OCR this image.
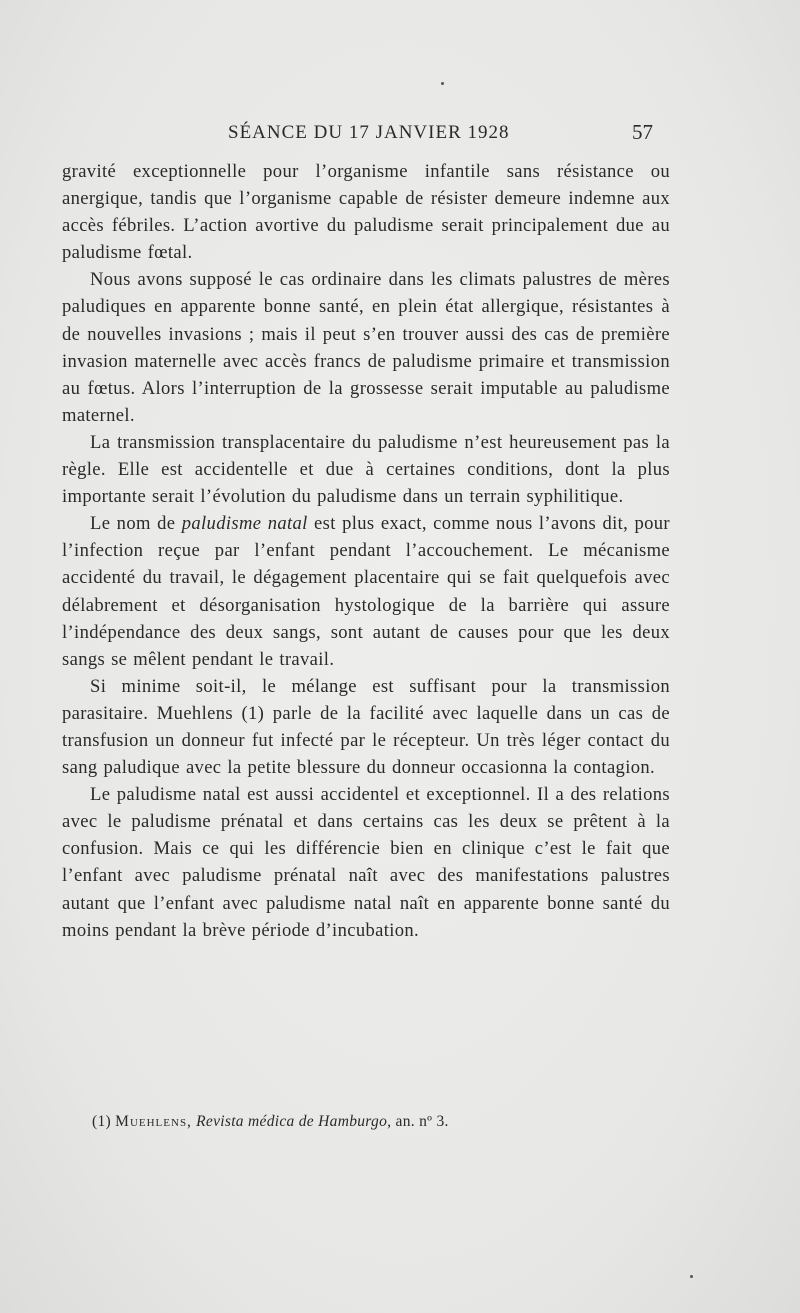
SÉANCE DU 17 JANVIER 1928	57

gravité exceptionnelle pour l’organisme infantile sans résistance ou anergique, tandis que l’organisme capable de résister demeure indemne aux accès fébriles. L’action avortive du paludisme serait principalement due au paludisme fœtal.

Nous avons supposé le cas ordinaire dans les climats palustres de mères paludiques en apparente bonne santé, en plein état allergique, résistantes à de nouvelles invasions ; mais il peut s’en trouver aussi des cas de première invasion maternelle avec accès francs de paludisme primaire et transmission au fœtus. Alors l’interruption de la grossesse serait imputable au paludisme maternel.

La transmission transplacentaire du paludisme n’est heureusement pas la règle. Elle est accidentelle et due à certaines conditions, dont la plus importante serait l’évolution du paludisme dans un terrain syphilitique.

Le nom de paludisme natal est plus exact, comme nous l’avons dit, pour l’infection reçue par l’enfant pendant l’accouchement. Le mécanisme accidenté du travail, le dégagement placentaire qui se fait quelquefois avec délabrement et désorganisation hystologique de la barrière qui assure l’indépendance des deux sangs, sont autant de causes pour que les deux sangs se mêlent pendant le travail.

Si minime soit-il, le mélange est suffisant pour la transmission parasitaire. Muehlens (1) parle de la facilité avec laquelle dans un cas de transfusion un donneur fut infecté par le récepteur. Un très léger contact du sang paludique avec la petite blessure du donneur occasionna la contagion.

Le paludisme natal est aussi accidentel et exceptionnel. Il a des relations avec le paludisme prénatal et dans certains cas les deux se prêtent à la confusion. Mais ce qui les différencie bien en clinique c’est le fait que l’enfant avec paludisme prénatal naît avec des manifestations palustres autant que l’enfant avec paludisme natal naît en apparente bonne santé du moins pendant la brève période d’incubation.

(1) Muehlens, Revista médica de Hamburgo, an. nº 3.
